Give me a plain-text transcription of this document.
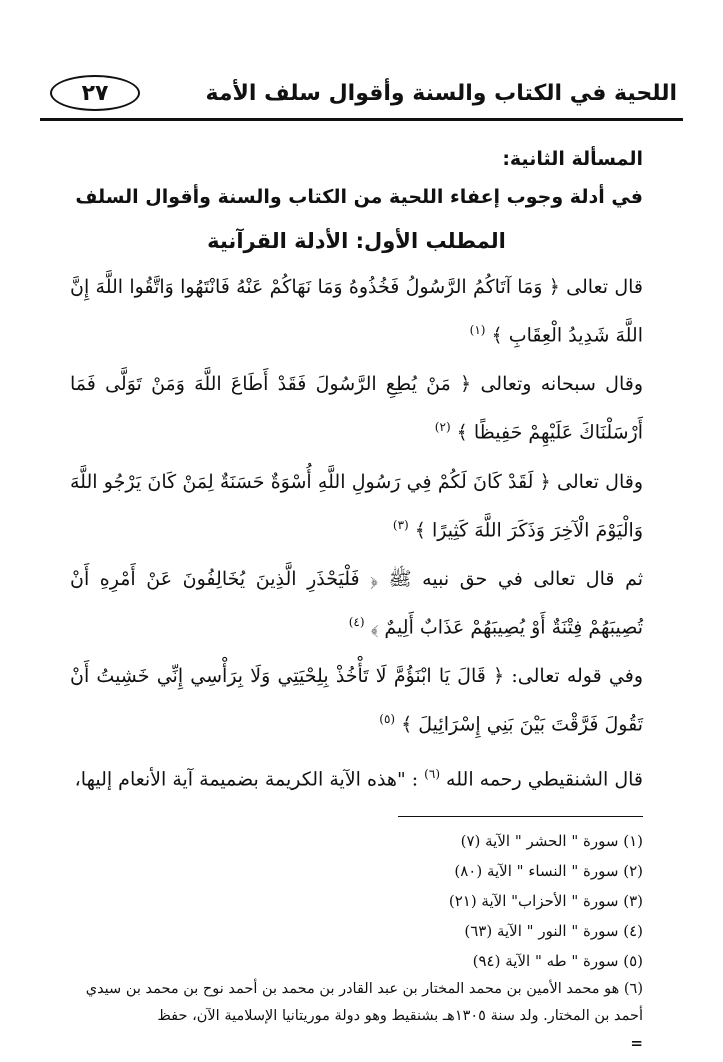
اللحية في الكتاب والسنة وأقوال سلف الأمة
٢٧

المسألة الثانية:

في أدلة وجوب إعفاء اللحية من الكتاب والسنة وأقوال السلف

المطلب الأول: الأدلة القرآنية

قال تعالى ﴿ وَمَا آتَاكُمُ الرَّسُولُ فَخُذُوهُ وَمَا نَهَاكُمْ عَنْهُ فَانْتَهُوا وَاتَّقُوا اللَّهَ إِنَّ اللَّهَ شَدِيدُ الْعِقَابِ ﴾ $^{(١)}$

وقال سبحانه وتعالى ﴿ مَنْ يُطِعِ الرَّسُولَ فَقَدْ أَطَاعَ اللَّهَ وَمَنْ تَوَلَّى فَمَا أَرْسَلْنَاكَ عَلَيْهِمْ حَفِيظًا ﴾ $^{(٢)}$

وقال تعالى ﴿ لَقَدْ كَانَ لَكُمْ فِي رَسُولِ اللَّهِ أُسْوَةٌ حَسَنَةٌ لِمَنْ كَانَ يَرْجُو اللَّهَ وَالْيَوْمَ الْآخِرَ وَذَكَرَ اللَّهَ كَثِيرًا ﴾ $^{(٣)}$

ثم قال تعالى في حق نبيه ﷺ ﴿ فَلْيَحْذَرِ الَّذِينَ يُخَالِفُونَ عَنْ أَمْرِهِ أَنْ تُصِيبَهُمْ فِتْنَةٌ أَوْ يُصِيبَهُمْ عَذَابٌ أَلِيمٌ ﴾ $^{(٤)}$

وفي قوله تعالى: ﴿ قَالَ يَا ابْنَؤُمَّ لَا تَأْخُذْ بِلِحْيَتِي وَلَا بِرَأْسِي إِنِّي خَشِيتُ أَنْ تَقُولَ فَرَّقْتَ بَيْنَ بَنِي إِسْرَائِيلَ ﴾ $^{(٥)}$

قال الشنقيطي رحمه الله $^{(٦)}$ : "هذه الآية الكريمة بضميمة آية الأنعام إليها،

(١) سورة " الحشر " الآية (٧)

(٢) سورة " النساء " الآية (٨٠)

(٣) سورة " الأحزاب" الآية (٢١)

(٤) سورة " النور " الآية (٦٣)

(٥) سورة " طه " الآية (٩٤)

(٦) هو محمد الأمين بن محمد المختار بن عبد القادر بن محمد بن أحمد نوح بن محمد بن سيدي أحمد بن المختار. ولد سنة ١٣٠٥هـ بشنقيط وهو دولة موريتانيا الإسلامية الآن، حفظ

=
